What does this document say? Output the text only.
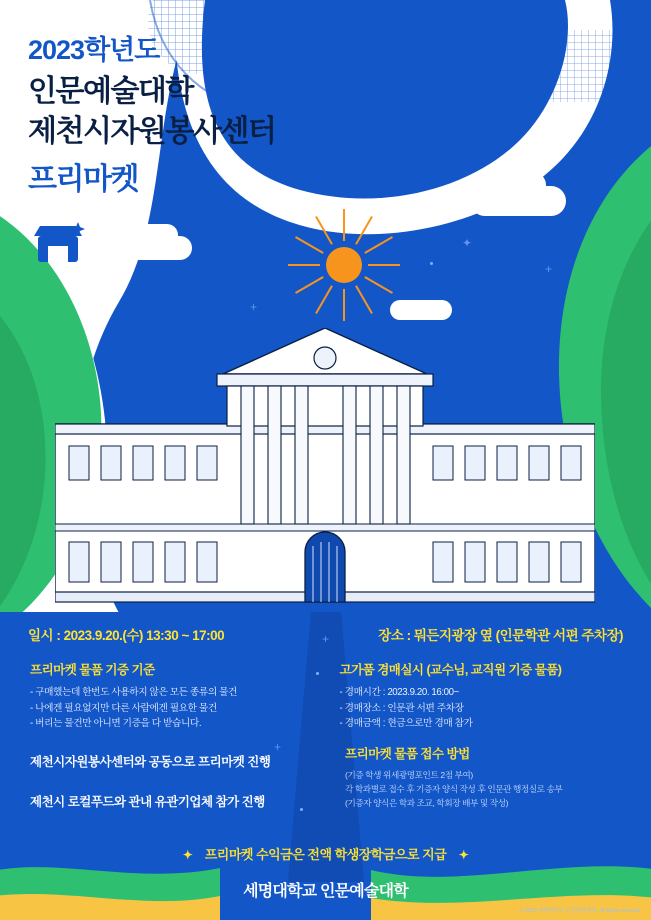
✦
+
+
2023학년도
인문예술대학
제천시자원봉사센터
프리마켓
+
+
일시 : 2023.9.20.(수) 13:30 ~ 17:00	장소 : 뭐든지광장 옆 (인문학관 서편 주차장)
프리마켓 물품 기증 기준
- 구매했는데 한번도 사용하지 않은 모든 종류의 물건
- 나에겐 필요없지만 다른 사람에겐 필요한 물건
- 버리는 물건만 아니면 기증을 다 받습니다.
고가품 경매실시 (교수님, 교직원 기증 물품)
- 경매시간 : 2023.9.20. 16:00~
- 경매장소 : 인문관 서편 주차장
- 경매금액 : 현금으로만 경매 참가
제천시자원봉사센터와 공동으로 프리마켓 진행
제천시 로컬푸드와 관내 유관기업체 참가 진행
프리마켓 물품 접수 방법
(기증 학생 위세광명포인트 2점 부여)
각 학과별로 접수 후 기증자 양식 작성 후 인문관 행정실로 송부
(기증자 양식은 학과 조교, 학회장 배부 및 작성)
✦ 프리마켓 수익금은 전액 학생장학금으로 지급 ✦
세명대학교 인문예술대학
© 2023 세명대학교 인문예술대학. all rights reserved.
